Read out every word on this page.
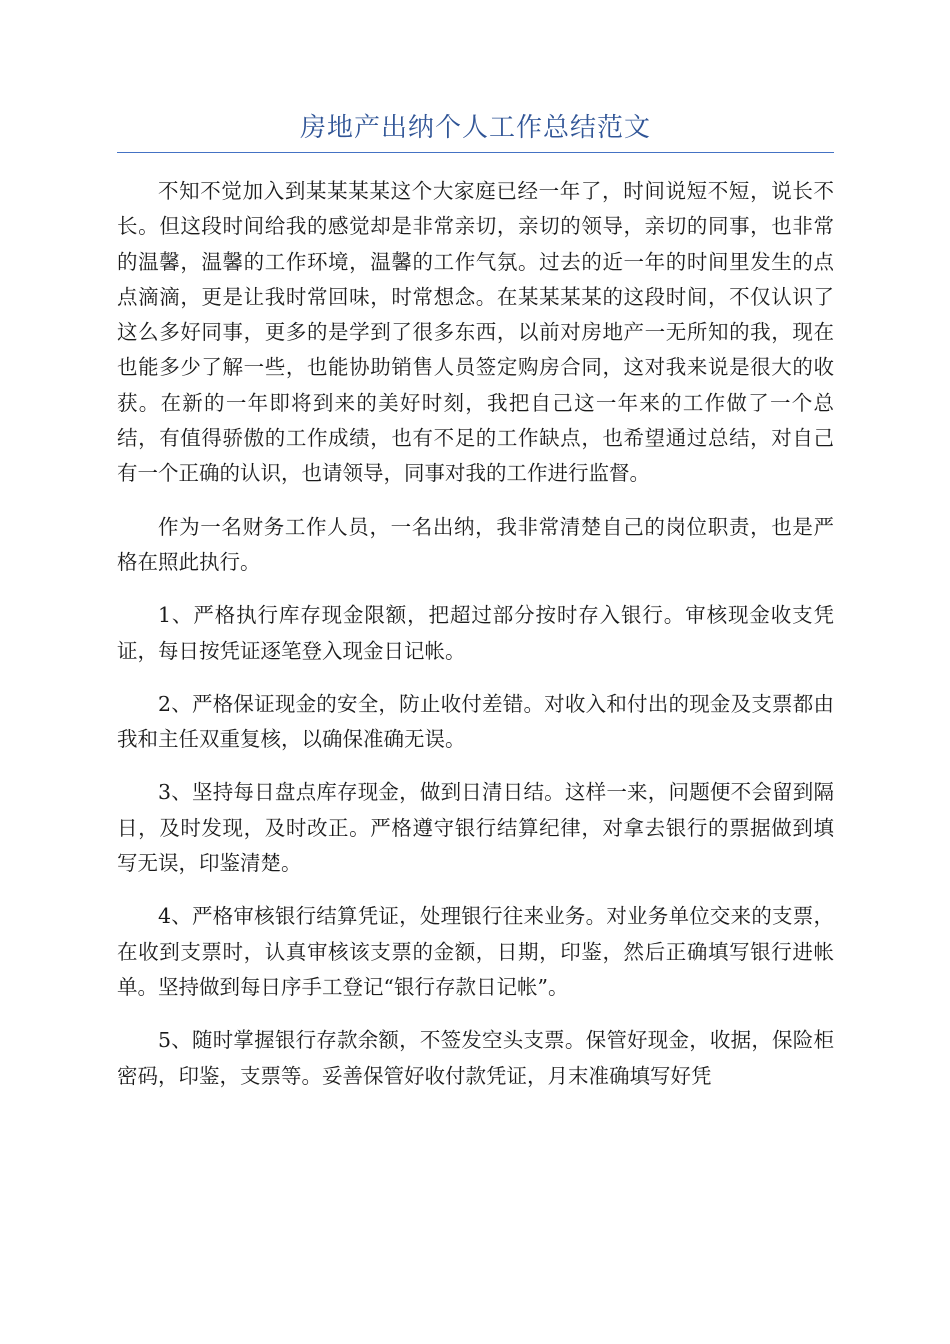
房地产出纳个人工作总结范文

不知不觉加入到某某某某这个大家庭已经一年了，时间说短不短，说长不长。但这段时间给我的感觉却是非常亲切，亲切的领导，亲切的同事，也非常的温馨，温馨的工作环境，温馨的工作气氛。过去的近一年的时间里发生的点点滴滴，更是让我时常回味，时常想念。在某某某某的这段时间，不仅认识了这么多好同事，更多的是学到了很多东西，以前对房地产一无所知的我，现在也能多少了解一些，也能协助销售人员签定购房合同，这对我来说是很大的收获。在新的一年即将到来的美好时刻，我把自己这一年来的工作做了一个总结，有值得骄傲的工作成绩，也有不足的工作缺点，也希望通过总结，对自己有一个正确的认识，也请领导，同事对我的工作进行监督。

作为一名财务工作人员，一名出纳，我非常清楚自己的岗位职责，也是严格在照此执行。

1、严格执行库存现金限额，把超过部分按时存入银行。审核现金收支凭证，每日按凭证逐笔登入现金日记帐。

2、严格保证现金的安全，防止收付差错。对收入和付出的现金及支票都由我和主任双重复核，以确保准确无误。

3、坚持每日盘点库存现金，做到日清日结。这样一来，问题便不会留到隔日，及时发现，及时改正。严格遵守银行结算纪律，对拿去银行的票据做到填写无误，印鉴清楚。

4、严格审核银行结算凭证，处理银行往来业务。对业务单位交来的支票，在收到支票时，认真审核该支票的金额，日期，印鉴，然后正确填写银行进帐单。坚持做到每日序手工登记“银行存款日记帐”。

5、随时掌握银行存款余额，不签发空头支票。保管好现金，收据，保险柜密码，印鉴，支票等。妥善保管好收付款凭证，月末准确填写好凭
